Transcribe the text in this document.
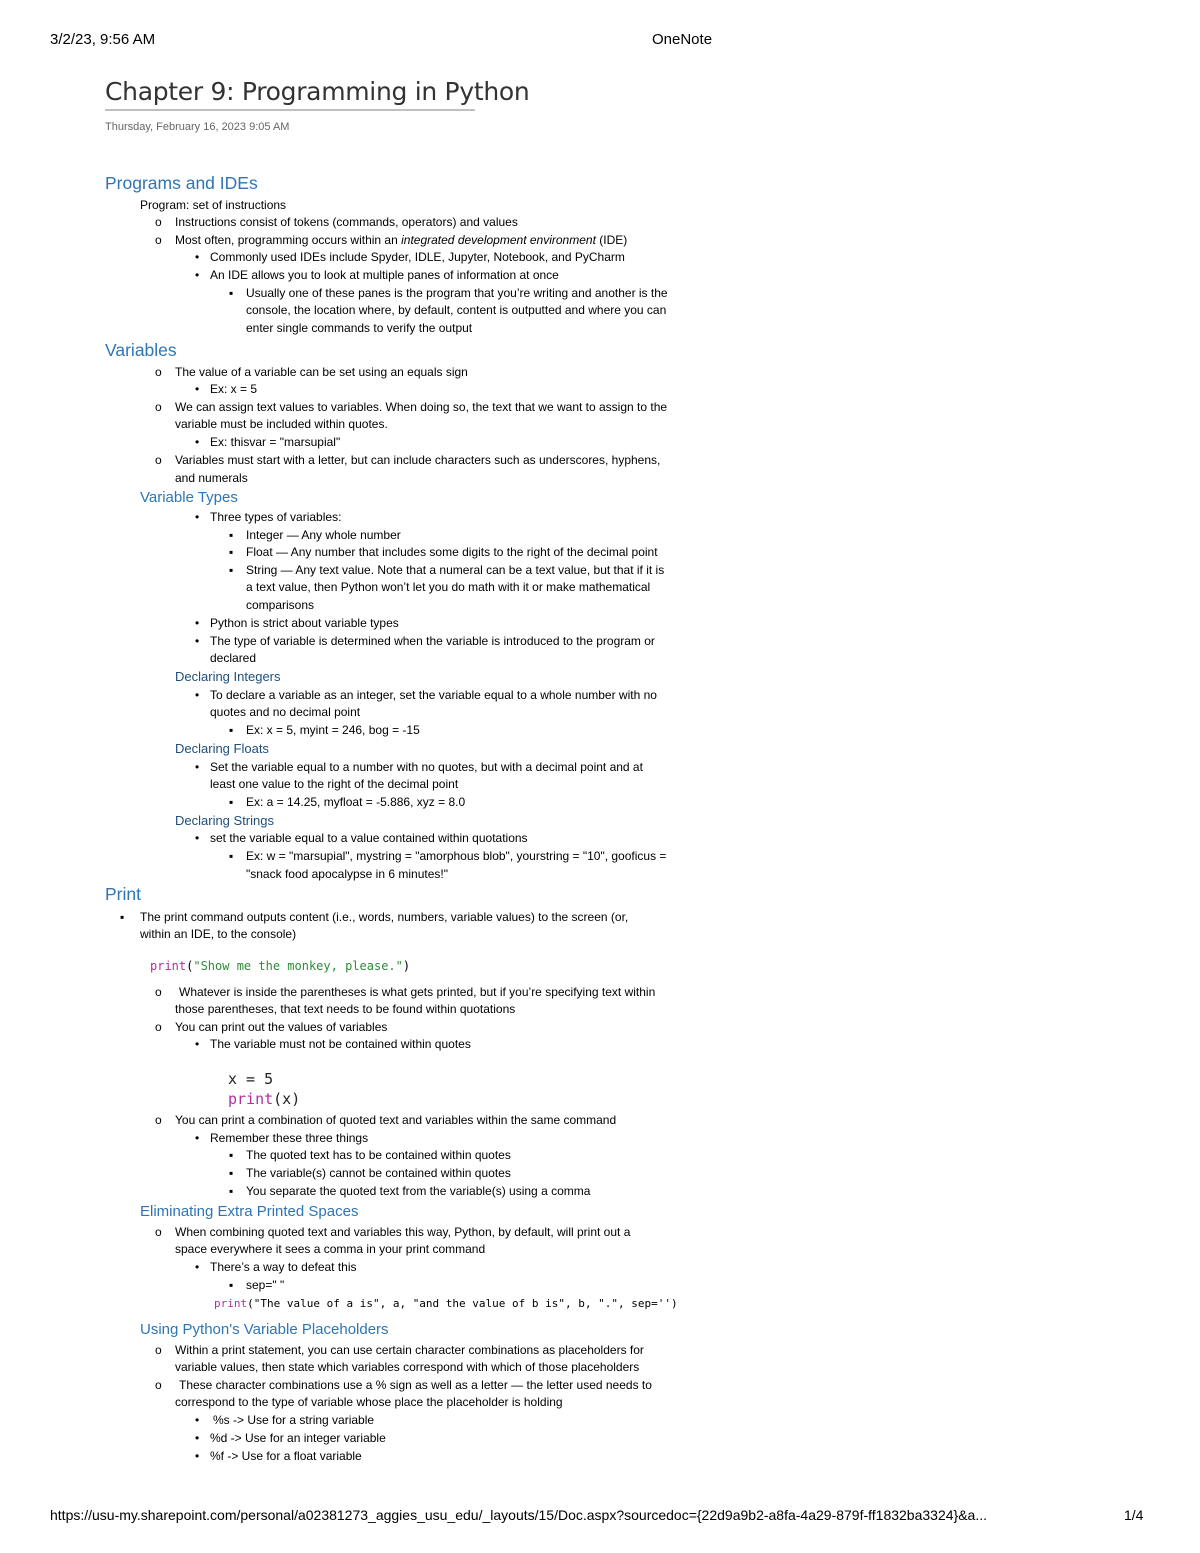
3/2/23, 9:56 AM	OneNote
https://usu-my.sharepoint.com/personal/a02381273_aggies_usu_edu/_layouts/15/Doc.aspx?sourcedoc={22d9a9b2-a8fa-4a29-879f-ff1832ba3324}&a...	1/4
Chapter 9: Programming in Python
Thursday, February 16, 2023 9:05 AM
Programs and IDEs
Program: set of instructions
o Instructions consist of tokens (commands, operators) and values
o Most often, programming occurs within an integrated development environment (IDE)
• Commonly used IDEs include Spyder, IDLE, Jupyter, Notebook, and PyCharm
• An IDE allows you to look at multiple panes of information at once
▪ Usually one of these panes is the program that you’re writing and another is the
console, the location where, by default, content is outputted and where you can
enter single commands to verify the output
Variables
o The value of a variable can be set using an equals sign
• Ex: x = 5
o We can assign text values to variables. When doing so, the text that we want to assign to the
variable must be included within quotes.
• Ex: thisvar = "marsupial"
o Variables must start with a letter, but can include characters such as underscores, hyphens,
and numerals
Variable Types
• Three types of variables:
▪ Integer — Any whole number
▪ Float — Any number that includes some digits to the right of the decimal point
▪ String — Any text value. Note that a numeral can be a text value, but that if it is
a text value, then Python won’t let you do math with it or make mathematical
comparisons
• Python is strict about variable types
• The type of variable is determined when the variable is introduced to the program or
declared
Declaring Integers
• To declare a variable as an integer, set the variable equal to a whole number with no
quotes and no decimal point
▪ Ex: x = 5, myint = 246, bog = -15
Declaring Floats
• Set the variable equal to a number with no quotes, but with a decimal point and at
least one value to the right of the decimal point
▪ Ex: a = 14.25, myfloat = -5.886, xyz = 8.0
Declaring Strings
• set the variable equal to a value contained within quotations
▪ Ex: w = "marsupial", mystring = "amorphous blob", yourstring = "10", gooficus =
"snack food apocalypse in 6 minutes!"
Print
▪ The print command outputs content (i.e., words, numbers, variable values) to the screen (or,
within an IDE, to the console)
print("Show me the monkey, please.")
o Whatever is inside the parentheses is what gets printed, but if you’re specifying text within
those parentheses, that text needs to be found within quotations
o You can print out the values of variables
• The variable must not be contained within quotes
x = 5
print(x)
o You can print a combination of quoted text and variables within the same command
• Remember these three things
▪ The quoted text has to be contained within quotes
▪ The variable(s) cannot be contained within quotes
▪ You separate the quoted text from the variable(s) using a comma
Eliminating Extra Printed Spaces
o When combining quoted text and variables this way, Python, by default, will print out a
space everywhere it sees a comma in your print command
• There’s a way to defeat this
▪ sep=" "
print("The value of a is", a, "and the value of b is", b, ".", sep='')
Using Python's Variable Placeholders
o Within a print statement, you can use certain character combinations as placeholders for
variable values, then state which variables correspond with which of those placeholders
o These character combinations use a % sign as well as a letter — the letter used needs to
correspond to the type of variable whose place the placeholder is holding
• %s -> Use for a string variable
• %d -> Use for an integer variable
• %f -> Use for a float variable
